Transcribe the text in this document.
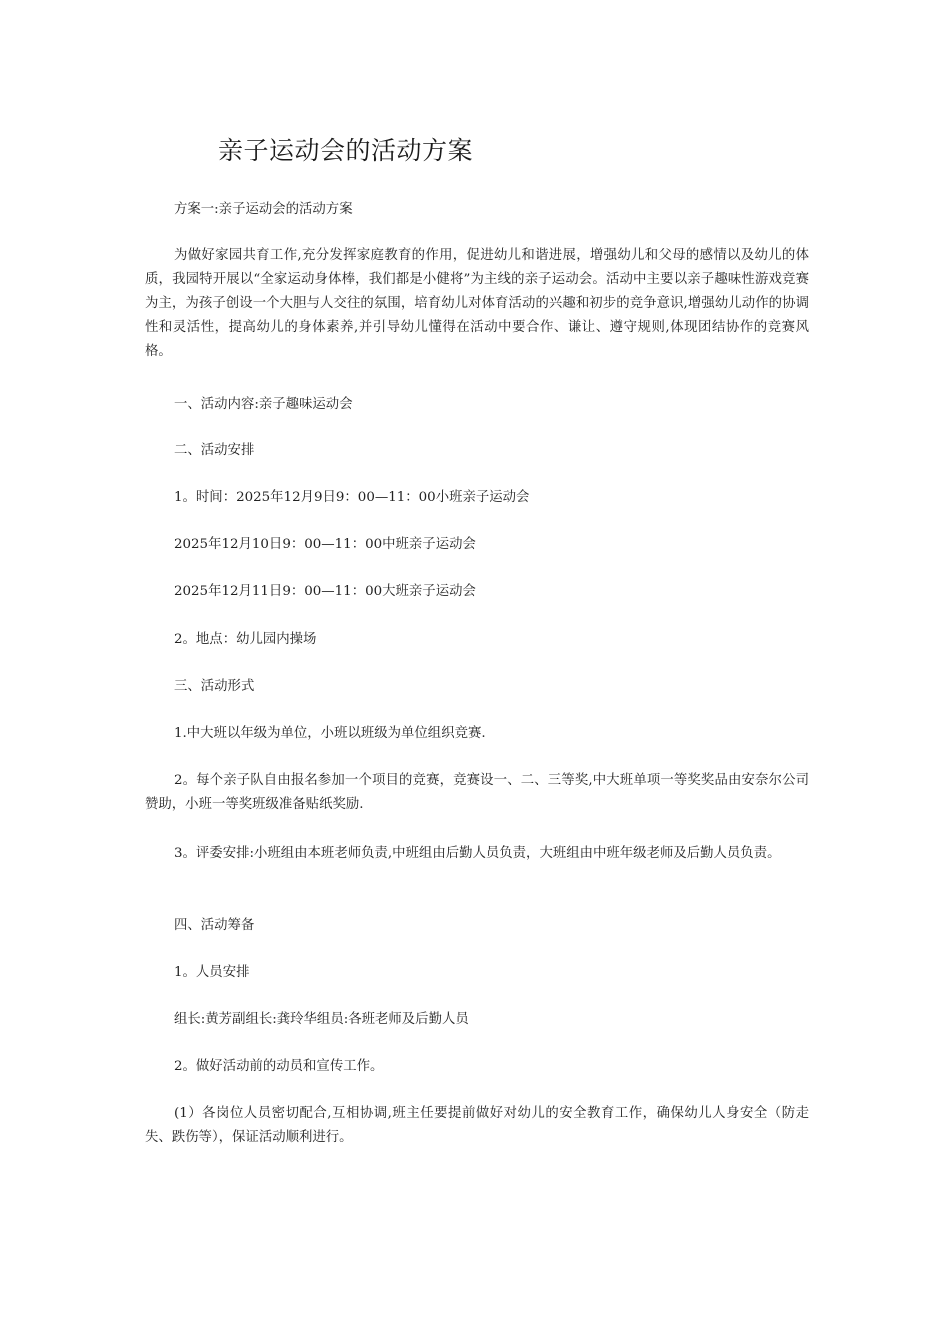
亲子运动会的活动方案

方案一:亲子运动会的活动方案

为做好家园共育工作,充分发挥家庭教育的作用，促进幼儿和谐进展，增强幼儿和父母的感情以及幼儿的体质，我园特开展以“全家运动身体棒，我们都是小健将”为主线的亲子运动会。活动中主要以亲子趣味性游戏竞赛为主，为孩子创设一个大胆与人交往的氛围，培育幼儿对体育活动的兴趣和初步的竞争意识,增强幼儿动作的协调性和灵活性，提高幼儿的身体素养,并引导幼儿懂得在活动中要合作、谦让、遵守规则,体现团结协作的竞赛风格。

一、活动内容:亲子趣味运动会

二、活动安排

1。时间：2025年12月9日9：00—11：00小班亲子运动会

2025年12月10日9：00—11：00中班亲子运动会

2025年12月11日9：00—11：00大班亲子运动会

2。地点：幼儿园内操场

三、活动形式

1.中大班以年级为单位，小班以班级为单位组织竞赛.

2。每个亲子队自由报名参加一个项目的竞赛，竞赛设一、二、三等奖,中大班单项一等奖奖品由安奈尔公司赞助，小班一等奖班级准备贴纸奖励.

3。评委安排:小班组由本班老师负责,中班组由后勤人员负责，大班组由中班年级老师及后勤人员负责。

四、活动筹备

1。人员安排

组长:黄芳副组长:龚玲华组员:各班老师及后勤人员

2。做好活动前的动员和宣传工作。

(1）各岗位人员密切配合,互相协调,班主任要提前做好对幼儿的安全教育工作，确保幼儿人身安全（防走失、跌伤等），保证活动顺利进行。
